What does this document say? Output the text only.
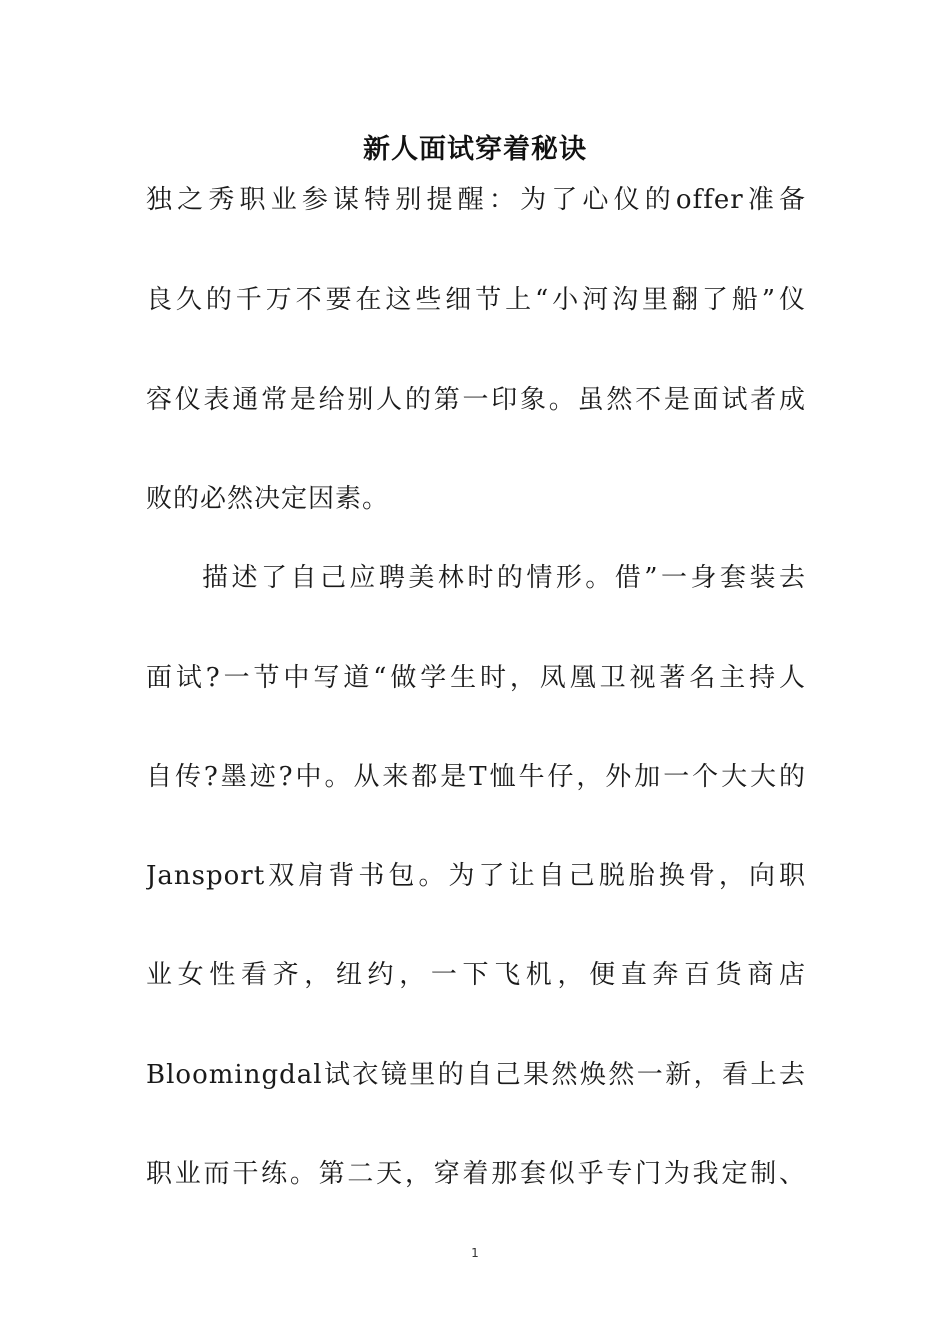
新人面试穿着秘诀
独之秀职业参谋特别提醒：为了心仪的offer准备
良久的千万不要在这些细节上“小河沟里翻了船”仪
容仪表通常是给别人的第一印象。虽然不是面试者成
败的必然决定因素。
描述了自己应聘美林时的情形。借”一身套装去
面试?一节中写道“做学生时，凤凰卫视著名主持人
自传?墨迹?中。从来都是T恤牛仔，外加一个大大的
Jansport双肩背书包。为了让自己脱胎换骨，向职
业女性看齐，纽约，一下飞机，便直奔百货商店
Bloomingdal试衣镜里的自己果然焕然一新，看上去
职业而干练。第二天，穿着那套似乎专门为我定制、
1
